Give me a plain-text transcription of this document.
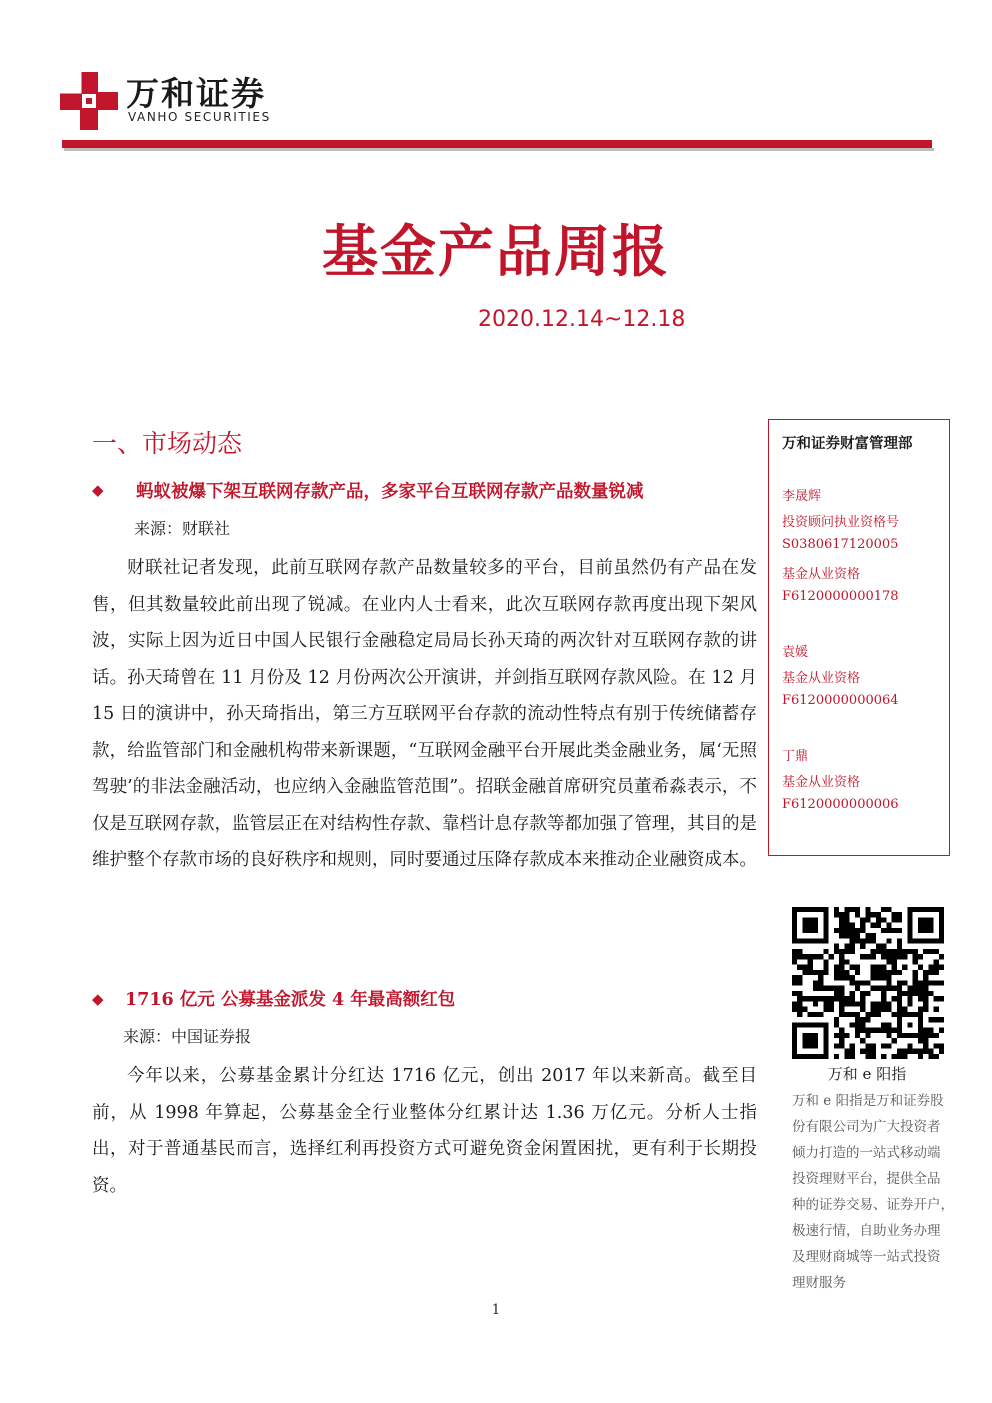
万和证券
VANHO SECURITIES
基金产品周报
2020.12.14~12.18
一、市场动态
◆ 蚂蚁被爆下架互联网存款产品，多家平台互联网存款产品数量锐减
来源：财联社
财联社记者发现，此前互联网存款产品数量较多的平台，目前虽然仍有产品在发售，但其数量较此前出现了锐减。在业内人士看来，此次互联网存款再度出现下架风波，实际上因为近日中国人民银行金融稳定局局长孙天琦的两次针对互联网存款的讲话。孙天琦曾在 11 月份及 12 月份两次公开演讲，并剑指互联网存款风险。在 12 月 15 日的演讲中，孙天琦指出，第三方互联网平台存款的流动性特点有别于传统储蓄存款，给监管部门和金融机构带来新课题，“互联网金融平台开展此类金融业务，属‘无照驾驶’的非法金融活动，也应纳入金融监管范围”。招联金融首席研究员董希淼表示，不仅是互联网存款，监管层正在对结构性存款、靠档计息存款等都加强了管理，其目的是维护整个存款市场的良好秩序和规则，同时要通过压降存款成本来推动企业融资成本。
◆ 1716 亿元 公募基金派发 4 年最高额红包
来源：中国证券报
今年以来，公募基金累计分红达 1716 亿元，创出 2017 年以来新高。截至目前，从 1998 年算起，公募基金全行业整体分红累计达 1.36 万亿元。分析人士指出，对于普通基民而言，选择红利再投资方式可避免资金闲置困扰，更有利于长期投资。
万和证券财富管理部
李晟辉
投资顾问执业资格号
S0380617120005
基金从业资格
F6120000000178
袁媛
基金从业资格
F6120000000064
丁鼎
基金从业资格
F6120000000006
万和 e 阳指
万和 e 阳指是万和证券股
份有限公司为广大投资者
倾力打造的一站式移动端
投资理财平台，提供全品
种的证券交易、证券开户，
极速行情，自助业务办理
及理财商城等一站式投资
理财服务
1
